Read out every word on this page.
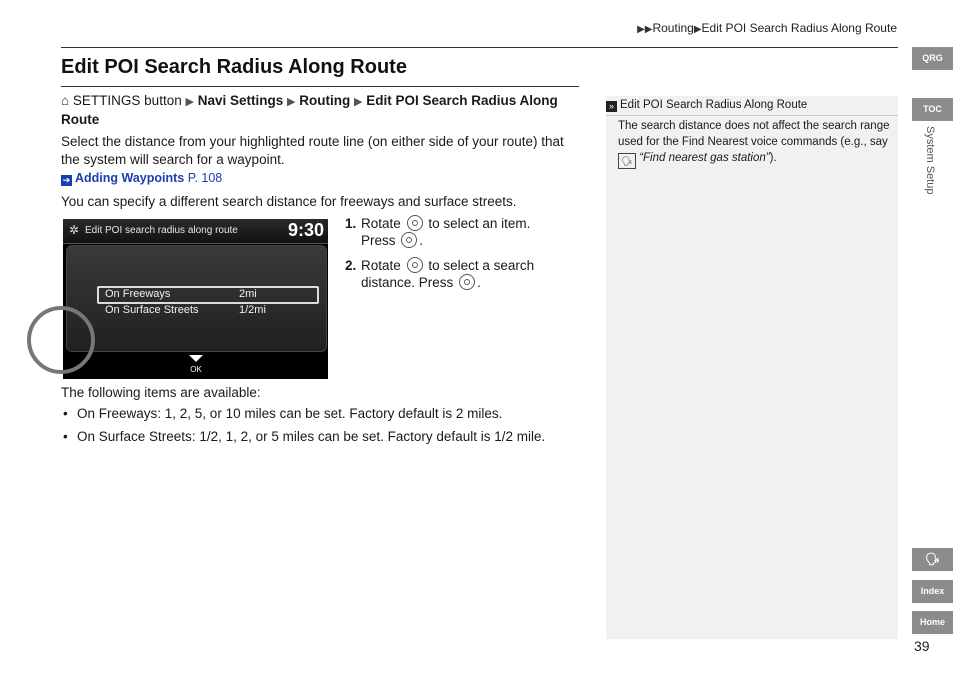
▶▶Routing▶Edit POI Search Radius Along Route
Edit POI Search Radius Along Route
⌂ SETTINGS button ▶ Navi Settings ▶ Routing ▶ Edit POI Search Radius Along Route
Select the distance from your highlighted route line (on either side of your route) that the system will search for a waypoint.
➔ Adding Waypoints P. 108
You can specify a different search distance for freeways and surface streets.
✲ Edit POI search radius along route	9:30
On Freeways	2mi
On Surface Streets	1/2mi
OK
1. Rotate to select an item.
Press .
2. Rotate to select a search distance. Press .
The following items are available:
• On Freeways: 1, 2, 5, or 10 miles can be set. Factory default is 2 miles.
• On Surface Streets: 1/2, 1, 2, or 5 miles can be set. Factory default is 1/2 mile.
» Edit POI Search Radius Along Route
The search distance does not affect the search range used for the Find Nearest voice commands (e.g., say 🗣 “Find nearest gas station”).
QRG
TOC
System Setup
🗣
Index
Home
39
